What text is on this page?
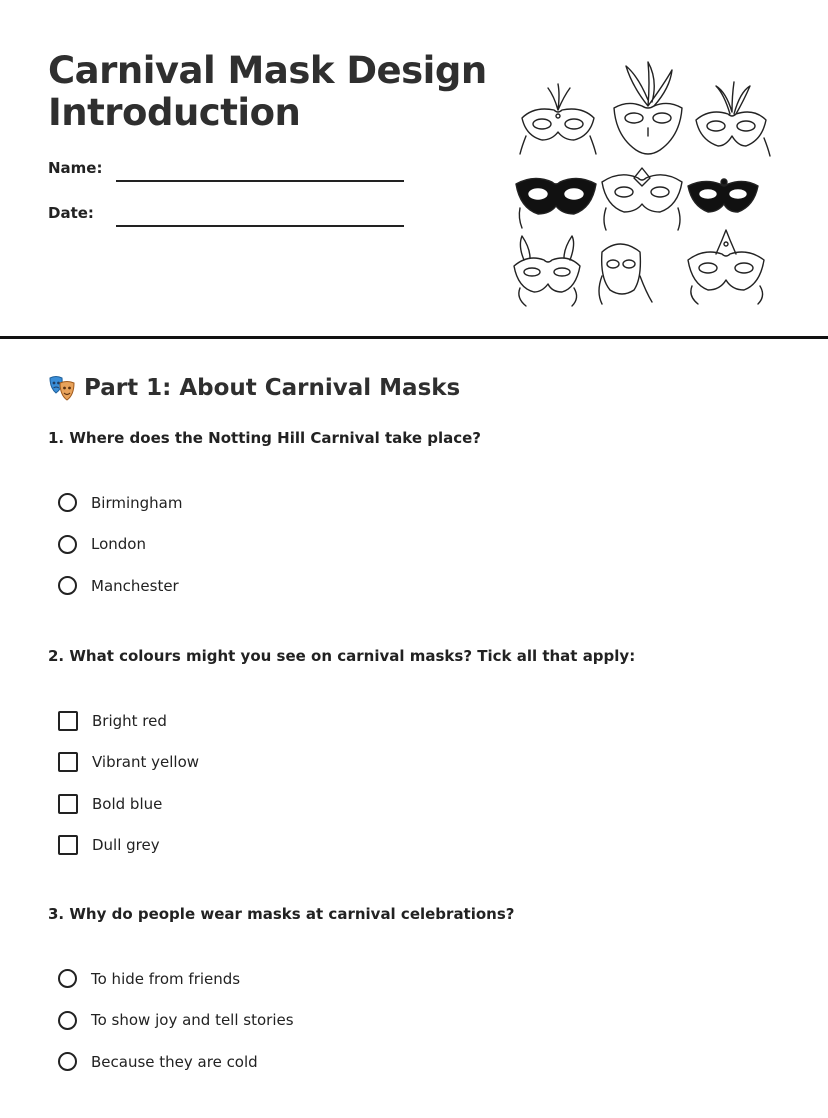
Carnival Mask Design
Introduction
Name:
Date:
Part 1: About Carnival Masks
1. Where does the Notting Hill Carnival take place?
Birmingham
London
Manchester
2. What colours might you see on carnival masks? Tick all that apply:
Bright red
Vibrant yellow
Bold blue
Dull grey
3. Why do people wear masks at carnival celebrations?
To hide from friends
To show joy and tell stories
Because they are cold
